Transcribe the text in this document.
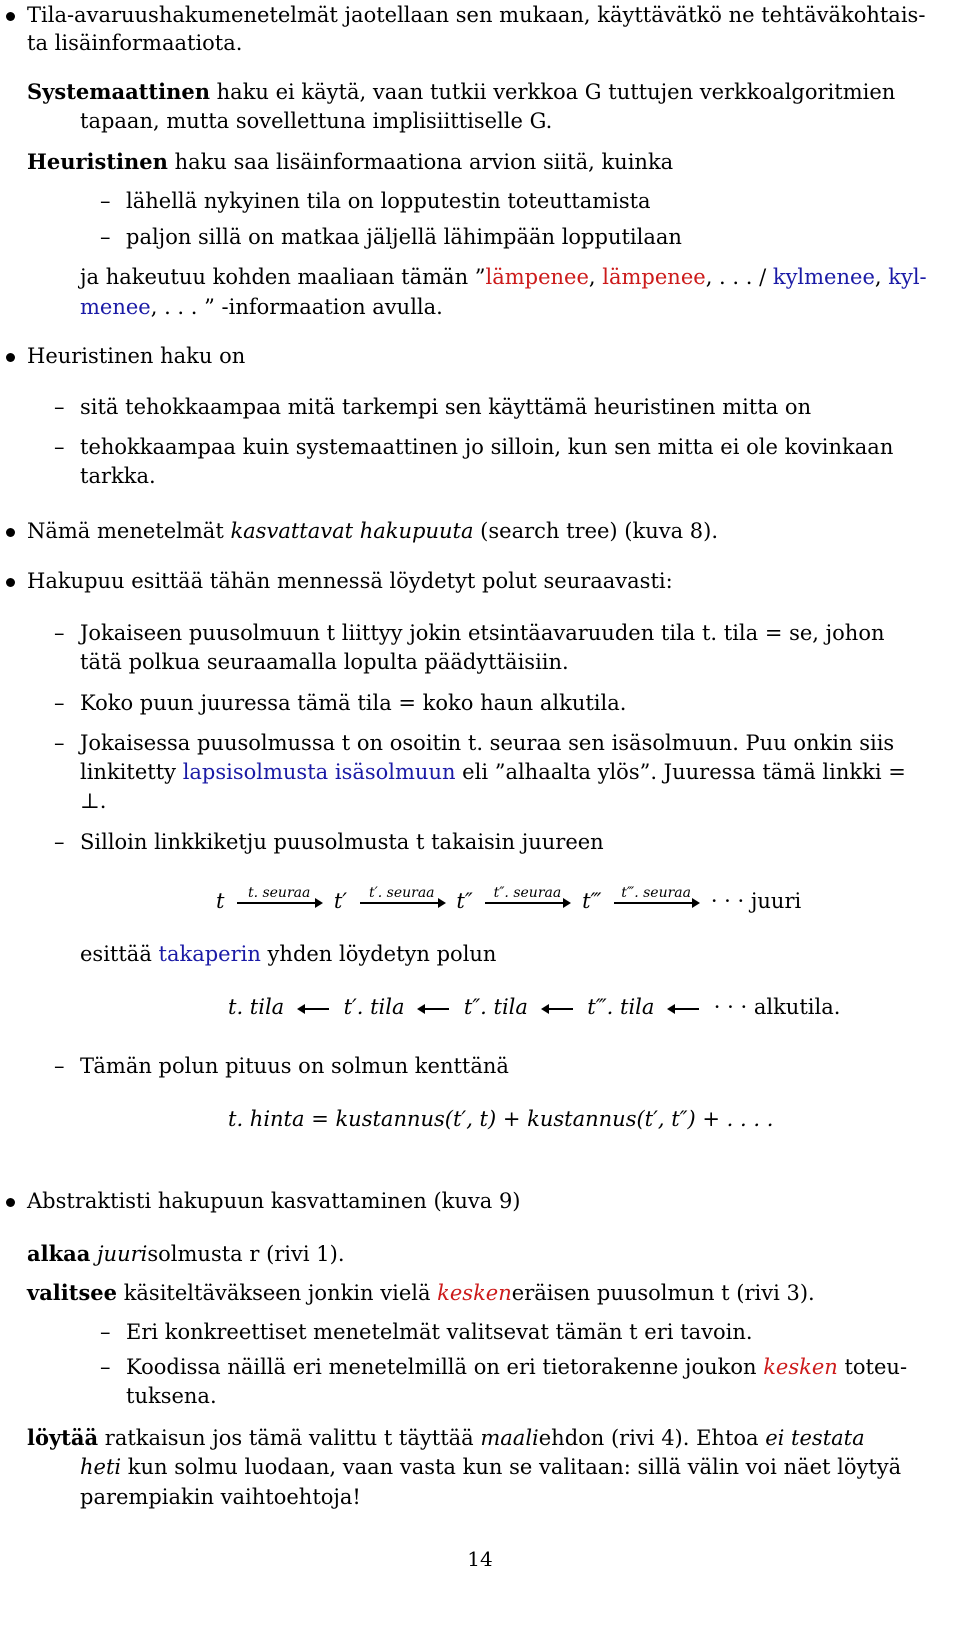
Tila-avaruushakumenetelmät jaotellaan sen mukaan, käyttävätkö ne tehtäväkohtais-
ta lisäinformaatiota.
Systemaattinen haku ei käytä, vaan tutkii verkkoa G tuttujen verkkoalgoritmien
tapaan, mutta sovellettuna implisiittiselle G.
Heuristinen haku saa lisäinformaationa arvion siitä, kuinka
– lähellä nykyinen tila on lopputestin toteuttamista
– paljon sillä on matkaa jäljellä lähimpään lopputilaan
ja hakeutuu kohden maaliaan tämän ”lämpenee, lämpenee, . . . / kylmenee, kyl-
menee, . . . ” -informaation avulla.
Heuristinen haku on
– sitä tehokkaampaa mitä tarkempi sen käyttämä heuristinen mitta on
– tehokkaampaa kuin systemaattinen jo silloin, kun sen mitta ei ole kovinkaan
tarkka.
Nämä menetelmät kasvattavat hakupuuta (search tree) (kuva 8).
Hakupuu esittää tähän mennessä löydetyt polut seuraavasti:
– Jokaiseen puusolmuun t liittyy jokin etsintäavaruuden tila t. tila = se, johon
tätä polkua seuraamalla lopulta päädyttäisiin.
– Koko puun juuressa tämä tila = koko haun alkutila.
– Jokaisessa puusolmussa t on osoitin t. seuraa sen isäsolmuun. Puu onkin siis
linkitetty lapsisolmusta isäsolmuun eli ”alhaalta ylös”. Juuressa tämä linkki =
⊥.
– Silloin linkkiketju puusolmusta t takaisin juureen
t	t. seuraa	t′	t′. seuraa	t″	t″. seuraa t‴	t‴. seuraa · · · juuri
esittää takaperin yhden löydetyn polun
t. tila	t′. tila	t″. tila	t‴. tila	· · · alkutila.
– Tämän polun pituus on solmun kenttänä
t. hinta = kustannus(t′, t) + kustannus(t′, t″) + . . . .
Abstraktisti hakupuun kasvattaminen (kuva 9)
alkaa juurisolmusta r (rivi 1).
valitsee käsiteltäväkseen jonkin vielä keskeneräisen puusolmun t (rivi 3).
– Eri konkreettiset menetelmät valitsevat tämän t eri tavoin.
– Koodissa näillä eri menetelmillä on eri tietorakenne joukon kesken toteu-
tuksena.
löytää ratkaisun jos tämä valittu t täyttää maaliehdon (rivi 4). Ehtoa ei testata
heti kun solmu luodaan, vaan vasta kun se valitaan: sillä välin voi näet löytyä
parempiakin vaihtoehtoja!
14
